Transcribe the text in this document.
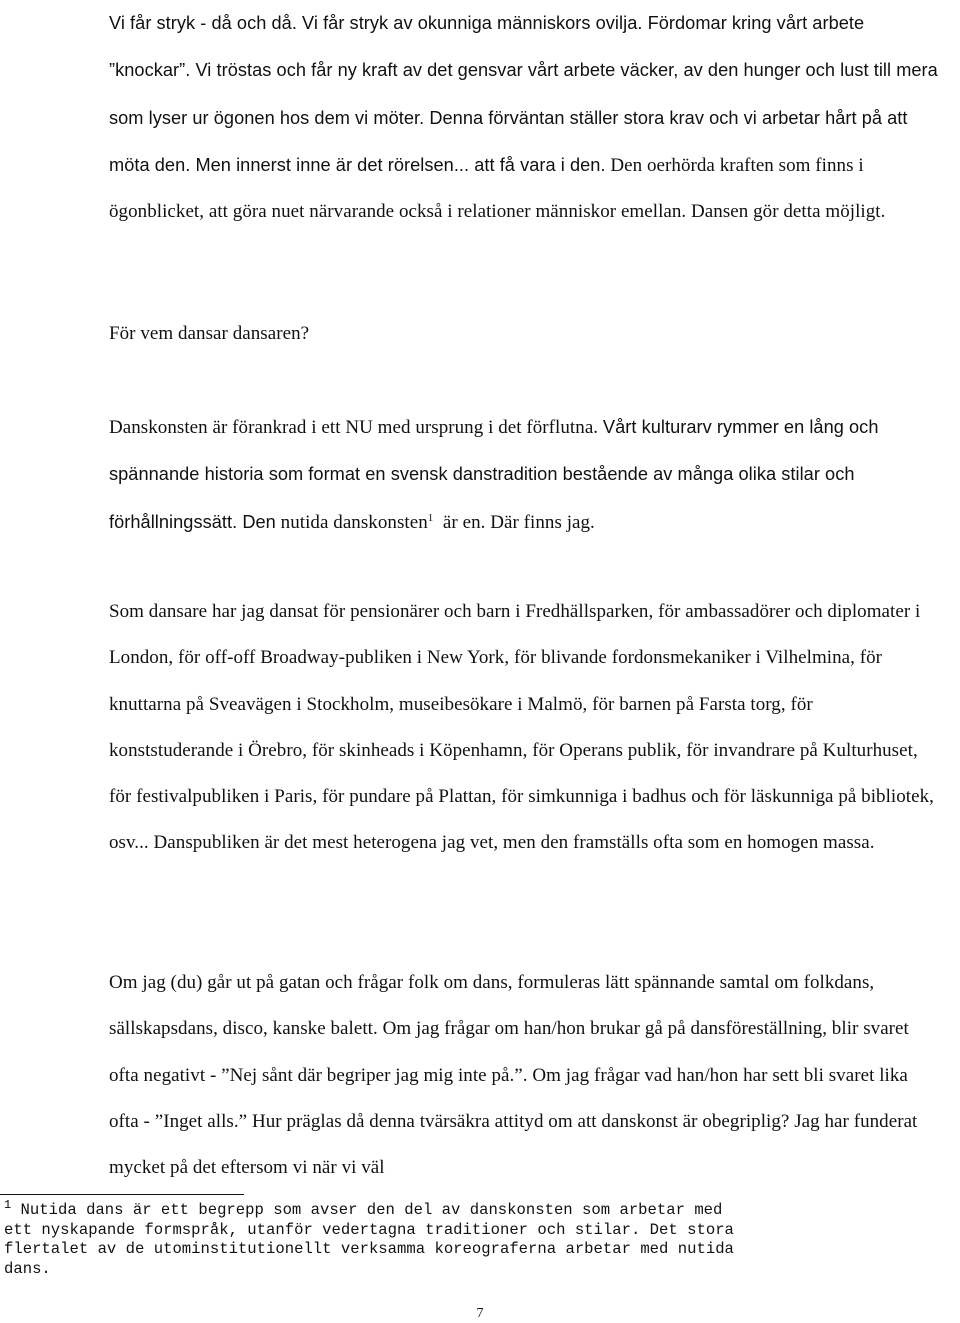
Vi får stryk - då och då. Vi får stryk av okunniga människors ovilja. Fördomar kring vårt arbete ”knockar”. Vi tröstas och får ny kraft av det gensvar vårt arbete väcker, av den hunger och lust till mera som lyser ur ögonen hos dem vi möter. Denna förväntan ställer stora krav och vi arbetar hårt på att möta den. Men innerst inne är det rörelsen... att få vara i den. Den oerhörda kraften som finns i ögonblicket, att göra nuet närvarande också i relationer människor emellan. Dansen gör detta möjligt.

För vem dansar dansaren?

Danskonsten är förankrad i ett NU med ursprung i det förflutna. Vårt kulturarv rymmer en lång och spännande historia som format en svensk danstradition bestående av många olika stilar och förhållningssätt. Den nutida danskonsten$^1$ är en. Där finns jag.

Som dansare har jag dansat för pensionärer och barn i Fredhällsparken, för ambassadörer och diplomater i London, för off-off Broadway-publiken i New York, för blivande fordonsmekaniker i Vilhelmina, för knuttarna på Sveavägen i Stockholm, museibesökare i Malmö, för barnen på Farsta torg, för konststuderande i Örebro, för skinheads i Köpenhamn, för Operans publik, för invandrare på Kulturhuset, för festivalpubliken i Paris, för pundare på Plattan, för simkunniga i badhus och för läskunniga på bibliotek, osv... Danspubliken är det mest heterogena jag vet, men den framställs ofta som en homogen massa.

Om jag (du) går ut på gatan och frågar folk om dans, formuleras lätt spännande samtal om folkdans, sällskapsdans, disco, kanske balett. Om jag frågar om han/hon brukar gå på dansföreställning, blir svaret ofta negativt - ”Nej sånt där begriper jag mig inte på.”. Om jag frågar vad han/hon har sett bli svaret lika ofta - ”Inget alls.” Hur präglas då denna tvärsäkra attityd om att danskonst är obegriplig? Jag har funderat mycket på det eftersom vi när vi väl

$^1$ Nutida dans är ett begrepp som avser den del av danskonsten som arbetar med
ett nyskapande formspråk, utanför vedertagna traditioner och stilar. Det stora
flertalet av de utominstitutionellt verksamma koreograferna arbetar med nutida
dans.

7
